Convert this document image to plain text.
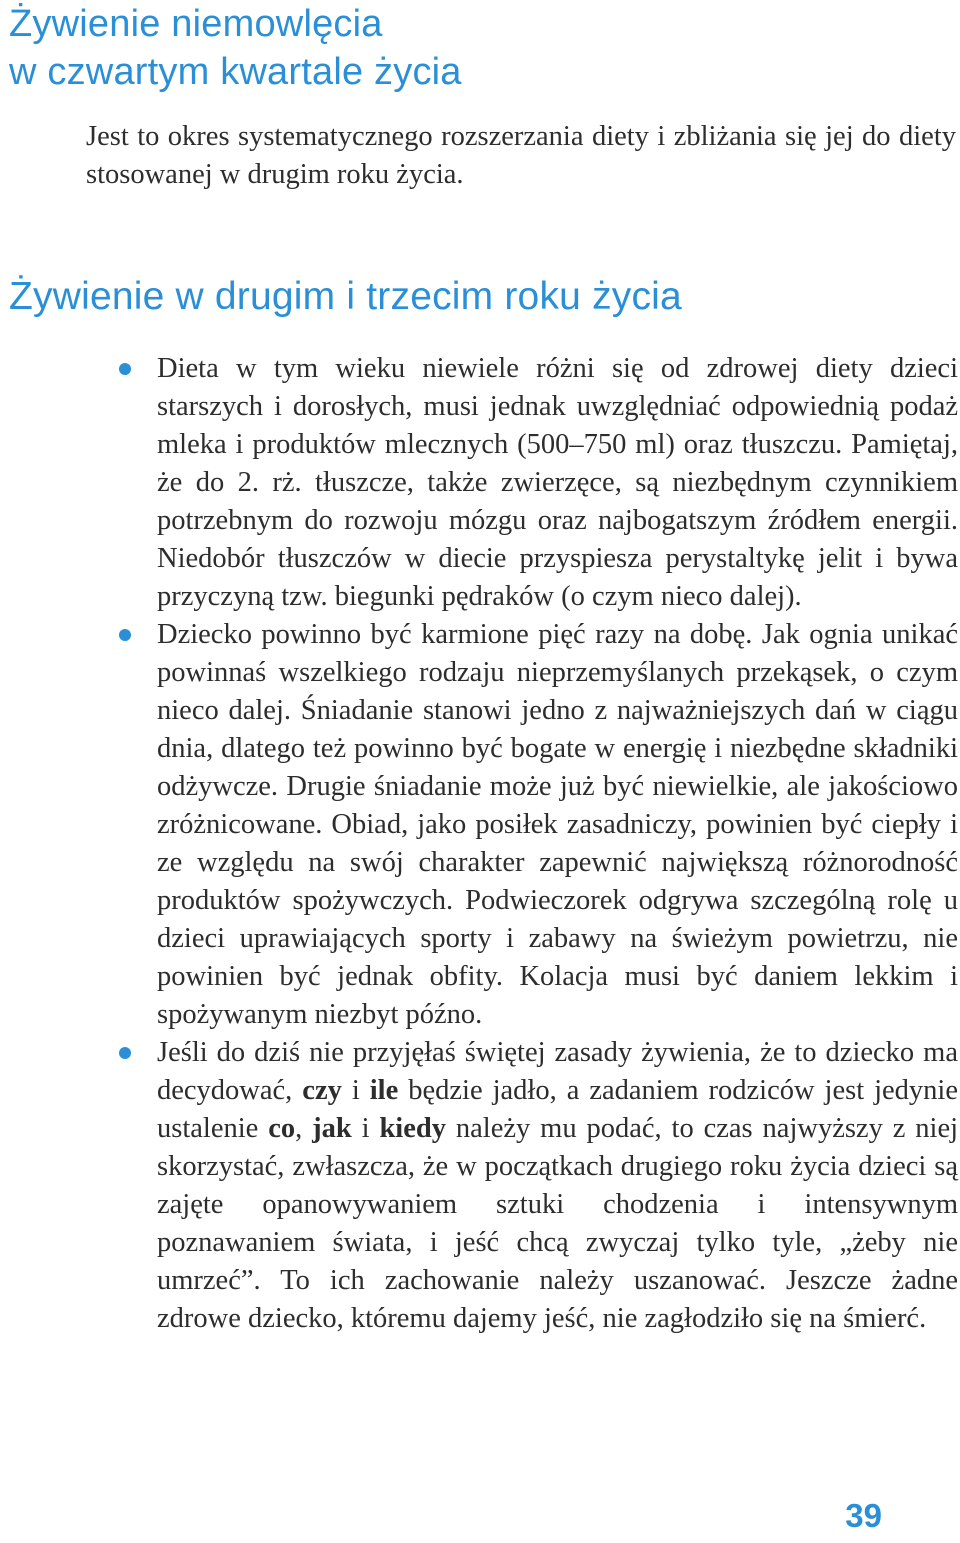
Żywienie niemowlęcia
w czwartym kwartale życia

Jest to okres systematycznego rozszerzania diety i zbliżania się jej do diety stosowanej w drugim roku życia.

Żywienie w drugim i trzecim roku życia
Dieta w tym wieku niewiele różni się od zdrowej diety dzieci starszych i dorosłych, musi jednak uwzględniać odpowiednią podaż mleka i produktów mlecznych (500–750 ml) oraz tłuszczu. Pamiętaj, że do 2. rż. tłuszcze, także zwierzęce, są niezbędnym czynnikiem potrzebnym do rozwoju mózgu oraz najbogatszym źródłem energii. Niedobór tłuszczów w diecie przyspiesza perystaltykę jelit i bywa przyczyną tzw. biegunki pędraków (o czym nieco dalej).
Dziecko powinno być karmione pięć razy na dobę. Jak ognia unikać powinnaś wszelkiego rodzaju nieprzemyślanych przekąsek, o czym nieco dalej. Śniadanie stanowi jedno z najważniejszych dań w ciągu dnia, dlatego też powinno być bogate w energię i niezbędne składniki odżywcze. Drugie śniadanie może już być niewielkie, ale jakościowo zróżnicowane. Obiad, jako posiłek zasadniczy, powinien być ciepły i ze względu na swój charakter zapewnić największą różnorodność produktów spożywczych. Podwieczorek odgrywa szczególną rolę u dzieci uprawiających sporty i zabawy na świeżym powietrzu, nie powinien być jednak obfity. Kolacja musi być daniem lekkim i spożywanym niezbyt późno.
Jeśli do dziś nie przyjęłaś świętej zasady żywienia, że to dziecko ma decydować, czy i ile będzie jadło, a zadaniem rodziców jest jedynie ustalenie co, jak i kiedy należy mu podać, to czas najwyższy z niej skorzystać, zwłaszcza, że w początkach drugiego roku życia dzieci są zajęte opanowywaniem sztuki chodzenia i intensywnym poznawaniem świata, i jeść chcą zwyczaj tylko tyle, „żeby nie umrzeć”. To ich zachowanie należy uszanować. Jeszcze żadne zdrowe dziecko, któremu dajemy jeść, nie zagłodziło się na śmierć.
39
